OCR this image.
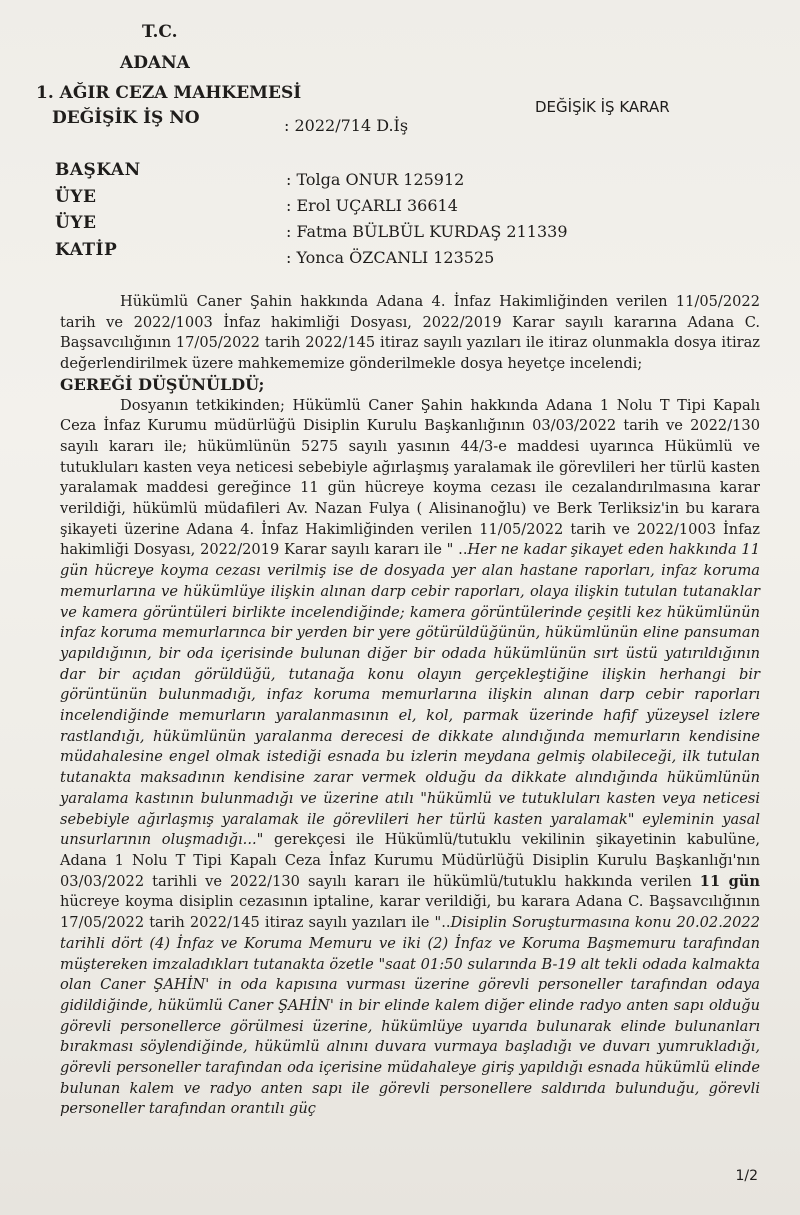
T.C.
ADANA
1. AĞIR CEZA MAHKEMESİ
DEĞİŞİK İŞ NO	: 2022/714 D.İş
DEĞİŞİK İŞ KARAR
BAŞKAN	: Tolga ONUR 125912
ÜYE	: Erol UÇARLI 36614
ÜYE	: Fatma BÜLBÜL KURDAŞ 211339
KATİP	: Yonca ÖZCANLI 123525

Hükümlü Caner Şahin hakkında Adana 4. İnfaz Hakimliğinden verilen 11/05/2022 tarih ve 2022/1003 İnfaz hakimliği Dosyası, 2022/2019 Karar sayılı kararına Adana C. Başsavcılığının 17/05/2022 tarih 2022/145 itiraz sayılı yazıları ile itiraz olunmakla dosya itiraz değerlendirilmek üzere mahkememize gönderilmekle dosya heyetçe incelendi;

GEREĞİ DÜŞÜNÜLDÜ;

Dosyanın tetkikinden; Hükümlü Caner Şahin hakkında Adana 1 Nolu T Tipi Kapalı Ceza İnfaz Kurumu müdürlüğü Disiplin Kurulu Başkanlığının 03/03/2022 tarih ve 2022/130 sayılı kararı ile; hükümlünün 5275 sayılı yasının 44/3-e maddesi uyarınca Hükümlü ve tutukluları kasten veya neticesi sebebiyle ağırlaşmış yaralamak ile görevlileri her türlü kasten yaralamak maddesi gereğince 11 gün hücreye koyma cezası ile cezalandırılmasına karar verildiği, hükümlü müdafileri Av. Nazan Fulya ( Alisinanoğlu) ve Berk Terliksiz'in bu karara şikayeti üzerine Adana 4. İnfaz Hakimliğinden verilen 11/05/2022 tarih ve 2022/1003 İnfaz hakimliği Dosyası, 2022/2019 Karar sayılı kararı ile " ..Her ne kadar şikayet eden hakkında 11 gün hücreye koyma cezası verilmiş ise de dosyada yer alan hastane raporları, infaz koruma memurlarına ve hükümlüye ilişkin alınan darp cebir raporları, olaya ilişkin tutulan tutanaklar ve kamera görüntüleri birlikte incelendiğinde; kamera görüntülerinde çeşitli kez hükümlünün infaz koruma memurlarınca bir yerden bir yere götürüldüğünün, hükümlünün eline pansuman yapıldığının, bir oda içerisinde bulunan diğer bir odada hükümlünün sırt üstü yatırıldığının dar bir açıdan görüldüğü, tutanağa konu olayın gerçekleştiğine ilişkin herhangi bir görüntünün bulunmadığı, infaz koruma memurlarına ilişkin alınan darp cebir raporları incelendiğinde memurların yaralanmasının el, kol, parmak üzerinde hafif yüzeysel izlere rastlandığı, hükümlünün yaralanma derecesi de dikkate alındığında memurların kendisine müdahalesine engel olmak istediği esnada bu izlerin meydana gelmiş olabileceği, ilk tutulan tutanakta maksadının kendisine zarar vermek olduğu da dikkate alındığında hükümlünün yaralama kastının bulunmadığı ve üzerine atılı "hükümlü ve tutukluları kasten veya neticesi sebebiyle ağırlaşmış yaralamak ile görevlileri her türlü kasten yaralamak" eyleminin yasal unsurlarının oluşmadığı..." gerekçesi ile Hükümlü/tutuklu vekilinin şikayetinin kabulüne, Adana 1 Nolu T Tipi Kapalı Ceza İnfaz Kurumu Müdürlüğü Disiplin Kurulu Başkanlığı'nın 03/03/2022 tarihli ve 2022/130 sayılı kararı ile hükümlü/tutuklu hakkında verilen 11 gün hücreye koyma disiplin cezasının iptaline, karar verildiği, bu karara Adana C. Başsavcılığının 17/05/2022 tarih 2022/145 itiraz sayılı yazıları ile "..Disiplin Soruşturmasına konu 20.02.2022 tarihli dört (4) İnfaz ve Koruma Memuru ve iki (2) İnfaz ve Koruma Başmemuru tarafından müştereken imzaladıkları tutanakta özetle "saat 01:50 sularında B-19 alt tekli odada kalmakta olan Caner ŞAHİN' in oda kapısına vurması üzerine görevli personeller tarafından odaya gidildiğinde, hükümlü Caner ŞAHİN' in bir elinde kalem diğer elinde radyo anten sapı olduğu görevli personellerce görülmesi üzerine, hükümlüye uyarıda bulunarak elinde bulunanları bırakması söylendiğinde, hükümlü alnını duvara vurmaya başladığı ve duvarı yumrukladığı, görevli personeller tarafından oda içerisine müdahaleye giriş yapıldığı esnada hükümlü elinde bulunan kalem ve radyo anten sapı ile görevli personellere saldırıda bulunduğu, görevli personeller tarafından orantılı güç

1/2
